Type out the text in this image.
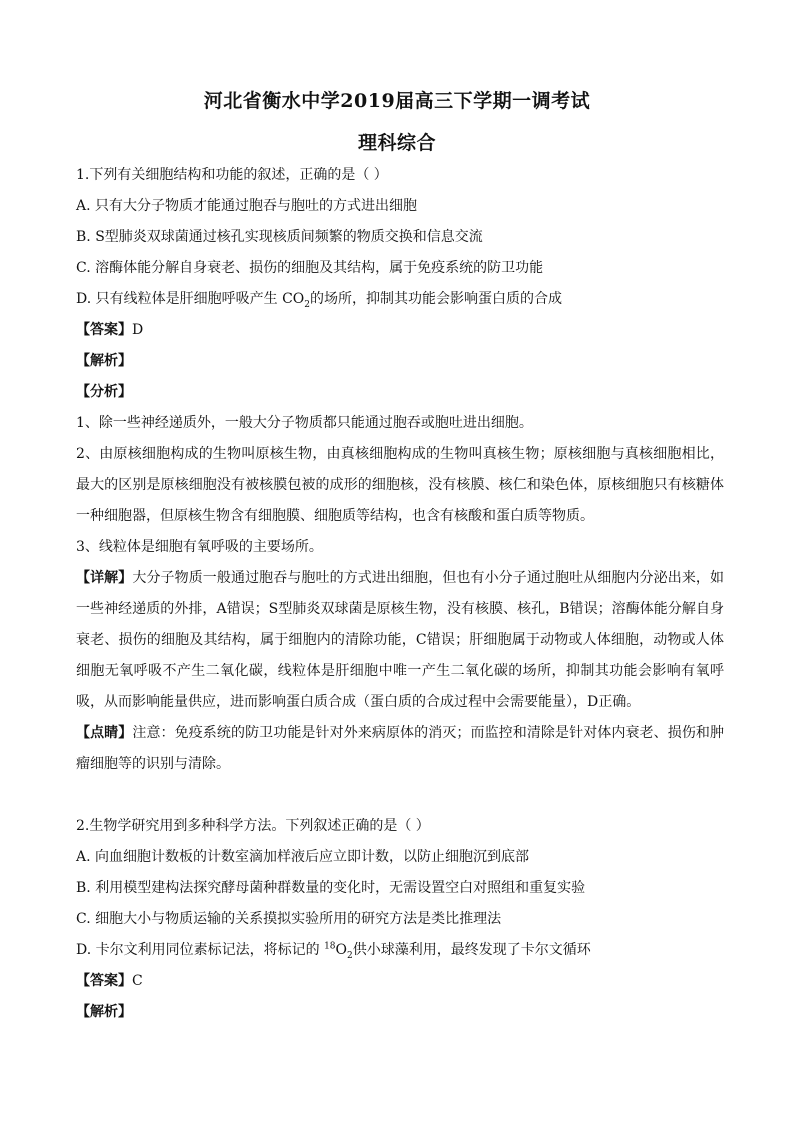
河北省衡水中学2019届高三下学期一调考试
理科综合
1.下列有关细胞结构和功能的叙述，正确的是（ ）
A. 只有大分子物质才能通过胞吞与胞吐的方式进出细胞
B. S型肺炎双球菌通过核孔实现核质间频繁的物质交换和信息交流
C. 溶酶体能分解自身衰老、损伤的细胞及其结构，属于免疫系统的防卫功能
D. 只有线粒体是肝细胞呼吸产生 $CO_2$的场所，抑制其功能会影响蛋白质的合成
【答案】D
【解析】
【分析】
1、除一些神经递质外，一般大分子物质都只能通过胞吞或胞吐进出细胞。
2、由原核细胞构成的生物叫原核生物，由真核细胞构成的生物叫真核生物；原核细胞与真核细胞相比，最大的区别是原核细胞没有被核膜包被的成形的细胞核，没有核膜、核仁和染色体，原核细胞只有核糖体一种细胞器，但原核生物含有细胞膜、细胞质等结构，也含有核酸和蛋白质等物质。
3、线粒体是细胞有氧呼吸的主要场所。
【详解】大分子物质一般通过胞吞与胞吐的方式进出细胞，但也有小分子通过胞吐从细胞内分泌出来，如一些神经递质的外排，A错误；S型肺炎双球菌是原核生物，没有核膜、核孔，B错误；溶酶体能分解自身衰老、损伤的细胞及其结构，属于细胞内的清除功能，C错误；肝细胞属于动物或人体细胞，动物或人体细胞无氧呼吸不产生二氧化碳，线粒体是肝细胞中唯一产生二氧化碳的场所，抑制其功能会影响有氧呼吸，从而影响能量供应，进而影响蛋白质合成（蛋白质的合成过程中会需要能量），D正确。
【点睛】注意：免疫系统的防卫功能是针对外来病原体的消灭；而监控和清除是针对体内衰老、损伤和肿瘤细胞等的识别与清除。
2.生物学研究用到多种科学方法。下列叙述正确的是（ ）
A. 向血细胞计数板的计数室滴加样液后应立即计数，以防止细胞沉到底部
B. 利用模型建构法探究酵母菌种群数量的变化时，无需设置空白对照组和重复实验
C. 细胞大小与物质运输的关系摸拟实验所用的研究方法是类比推理法
D. 卡尔文利用同位素标记法，将标记的 $^{18}O_2$供小球藻利用，最终发现了卡尔文循环
【答案】C
【解析】
